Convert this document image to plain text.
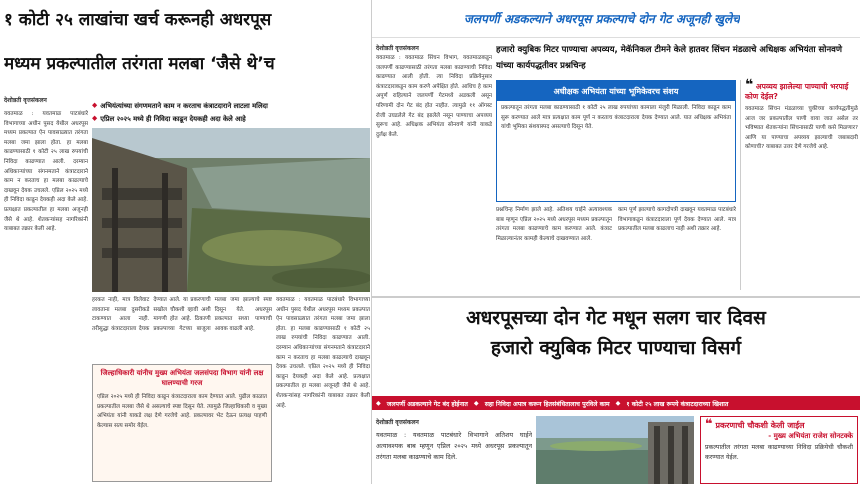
१ कोटी २५ लाखांचा खर्च करूनही अधरपूस
मध्यम प्रकल्पातील तरंगता मलबा ‘जैसे थे’च
देशोन्नती वृत्तसंकलन
◆ अभियंत्यांच्या संगणमताने काम न करताच कंत्राटदाराने लाटला मलिदा
◆ एप्रिल २०२५ मध्ये ही निविदा काढून देयकही अदा केले आहे
यवतमाळ : यवतमाळ पाटबंधारे विभागाच्या अधीन पुसद येथील अधरपूस मध्यम प्रकल्पात ऐन पावसाळ्यात तरंगता मलबा जमा झाला होता. हा मलबा काढण्यासाठी १ कोटी २५ लाख रुपयांची निविदा काढण्यात आली. दरम्यान अधिकाऱ्यांच्या संगनमताने कंत्राटदाराने काम न करताच हा मलबा काढल्याचे दाखवून देयक उचलले. एप्रिल २०२५ मध्ये ही निविदा काढून देयकही अदा केले आहे. प्रत्यक्षात प्रकल्पातील हा मलबा अजूनही जैसे थे आहे. शेतकऱ्यांसह नागरिकांनी याबाबत तक्रार केली आहे.
हरकत नाही, मात्र विलेवाट लावताना मलबा दुसरीकडे टाकण्यात आला नाही. तरीसुद्धा कंत्राटदाराला देयक देण्यात आले. या प्रकरणाची सखोल चौकशी व्हावी अशी मागणी होत आहे. ठिकाणी प्रकल्पाच्या गेटच्या बाजूला मलबा जमा झाल्याचे स्पष्ट दिसून येते. अधरपूस प्रकल्पात सध्या पाण्याची आवक वाढली आहे.
यवतमाळ : यवतमाळ पाटबंधारे विभागाच्या अधीन पुसद येथील अधरपूस मध्यम प्रकल्पात ऐन पावसाळ्यात तरंगता मलबा जमा झाला होता. हा मलबा काढण्यासाठी १ कोटी २५ लाख रुपयांची निविदा काढण्यात आली. दरम्यान अधिकाऱ्यांच्या संगनमताने कंत्राटदाराने काम न करताच हा मलबा काढल्याचे दाखवून देयक उचलले. एप्रिल २०२५ मध्ये ही निविदा काढून देयकही अदा केले आहे. प्रत्यक्षात प्रकल्पातील हा मलबा अजूनही जैसे थे आहे. शेतकऱ्यांसह नागरिकांनी याबाबत तक्रार केली आहे.
जिल्हाधिकारी यांनीच मुख्य अभियंता जलसंपदा विभाग यांनी लक्ष घालण्याची गरज
एप्रिल २०२५ मध्ये ही निविदा काढून कंत्राटदाराला काम देण्यात आले. पुढील काळात प्रकल्पातील मलबा जैसे थे असल्याचे स्पष्ट दिसून येते. त्यामुळे जिल्हाधिकारी व मुख्य अभियंता यांनी याकडे लक्ष देणे गरजेचे आहे. प्रकल्पावर भेट देऊन प्रत्यक्ष पाहणी केल्यास सत्य समोर येईल.
जलपर्णी अडकल्याने अधरपूस प्रकल्पाचे दोन गेट अजूनही खुलेच
देशोन्नती वृत्तसंकलन	हजारो क्युबिक मिटर पाण्याचा अपव्यय, मेकॅनिकल टीमने केले हातवर सिंचन मंडळाचे अधिक्षक अभियंता सोनवणे यांच्या कार्यपद्धतीवर प्रश्नचिन्ह
यवतमाळ : यवतमाळ सिंचन विभाग, यवतमाळकडून जलपर्णी काढण्यासाठी तरंगता मलबा काढण्याची निविदा काढण्यात आली होती. त्या निविदा प्रक्रियेनुसार कंत्राटदाराकडून काम करणे अपेक्षित होते. आधिच हे काम अपूर्ण राहिल्याने जलपर्णी गेटमध्ये अडकली असून परिणामी दोन गेट बंद होत नाहीत. त्यामुळे ११ ऑगस्ट रोजी उघडलेले गेट बंद झालेले नसून पाण्याचा अपव्यय सुरूच आहे. अधिक्षक अभियंता सोनवणे यांनी याकडे दुर्लक्ष केले.
अधीक्षक अभियंता यांच्या भूमिकेवरच संशय
प्रकल्पातून तरंगता मलबा काढण्यासाठी १ कोटी २५ लाख रुपयांच्या कामाला मंजुरी मिळाली. निविदा काढून काम सुरू करण्यात आले मात्र प्रत्यक्षात काम पूर्ण न करताच कंत्राटदाराला देयक देण्यात आले. यात अधिक्षक अभियंता यांची भूमिका संशयास्पद असल्याचे दिसून येते.
प्रश्नचिन्ह निर्माण झाले आहे. अतिशय घाईने अत्यावश्यक बाब म्हणून एप्रिल २०२५ मध्ये अधरपूस मध्यम प्रकल्पातून तरंगता मलबा काढण्याचे काम करण्यात आले. कंत्राट मिळाल्यानंतर कामही केल्याचे दाखवण्यात आले.
काम पूर्ण झाल्याचे कागदोपत्री दाखवून यवतमाळ पाटबंधारे विभागाकडून कंत्राटदाराला पूर्ण देयक देण्यात आले. मात्र प्रकल्पातील मलबा काढलाच नाही अशी तक्रार आहे.
❝ अपव्यय झालेल्या पाण्याची भरपाई कोण देईल?
यवतमाळ सिंचन मंडळाच्या चुकीच्या कार्यपद्धतीमुळे आज जर प्रकल्पातील पाणी वाया जात असेल तर भविष्यात शेतकऱ्यांना सिंचनासाठी पाणी कसे मिळणार? आणि या पाण्याचा अपव्यय झाल्याची जबाबदारी कोणाची? याबाबत उत्तर देणे गरजेचे आहे.
अधरपूसच्या दोन गेट मधून सलग चार दिवस
हजारो क्युबिक मिटर पाण्याचा विसर्ग
◆ जलपर्णी अडकल्याने गेट बंद होईनात ◆ सहा निविदा अपात्र करून हितसंबंधितालाच पुरविले काम ◆ १ कोटी २५ लाख रूपये कंत्राटदाराच्या खिशात
देशोन्नती वृत्तसंकलन
यवतमाळ : यवतमाळ पाटबंधारे विभागाने अतिशय घाईने अत्यावश्यक बाब म्हणून एप्रिल २०२५ मध्ये अधरपूस प्रकल्पातून तरंगता मलबा काढण्याचे काम दिले.
❝ प्रकरणाची चौकशी केली जाईल
- मुख्य अभियंता राजेश सोनटक्के
प्रकल्पातील तरंगता मलबा काढण्याच्या निविदा प्रक्रियेची चौकशी करण्यात येईल.
